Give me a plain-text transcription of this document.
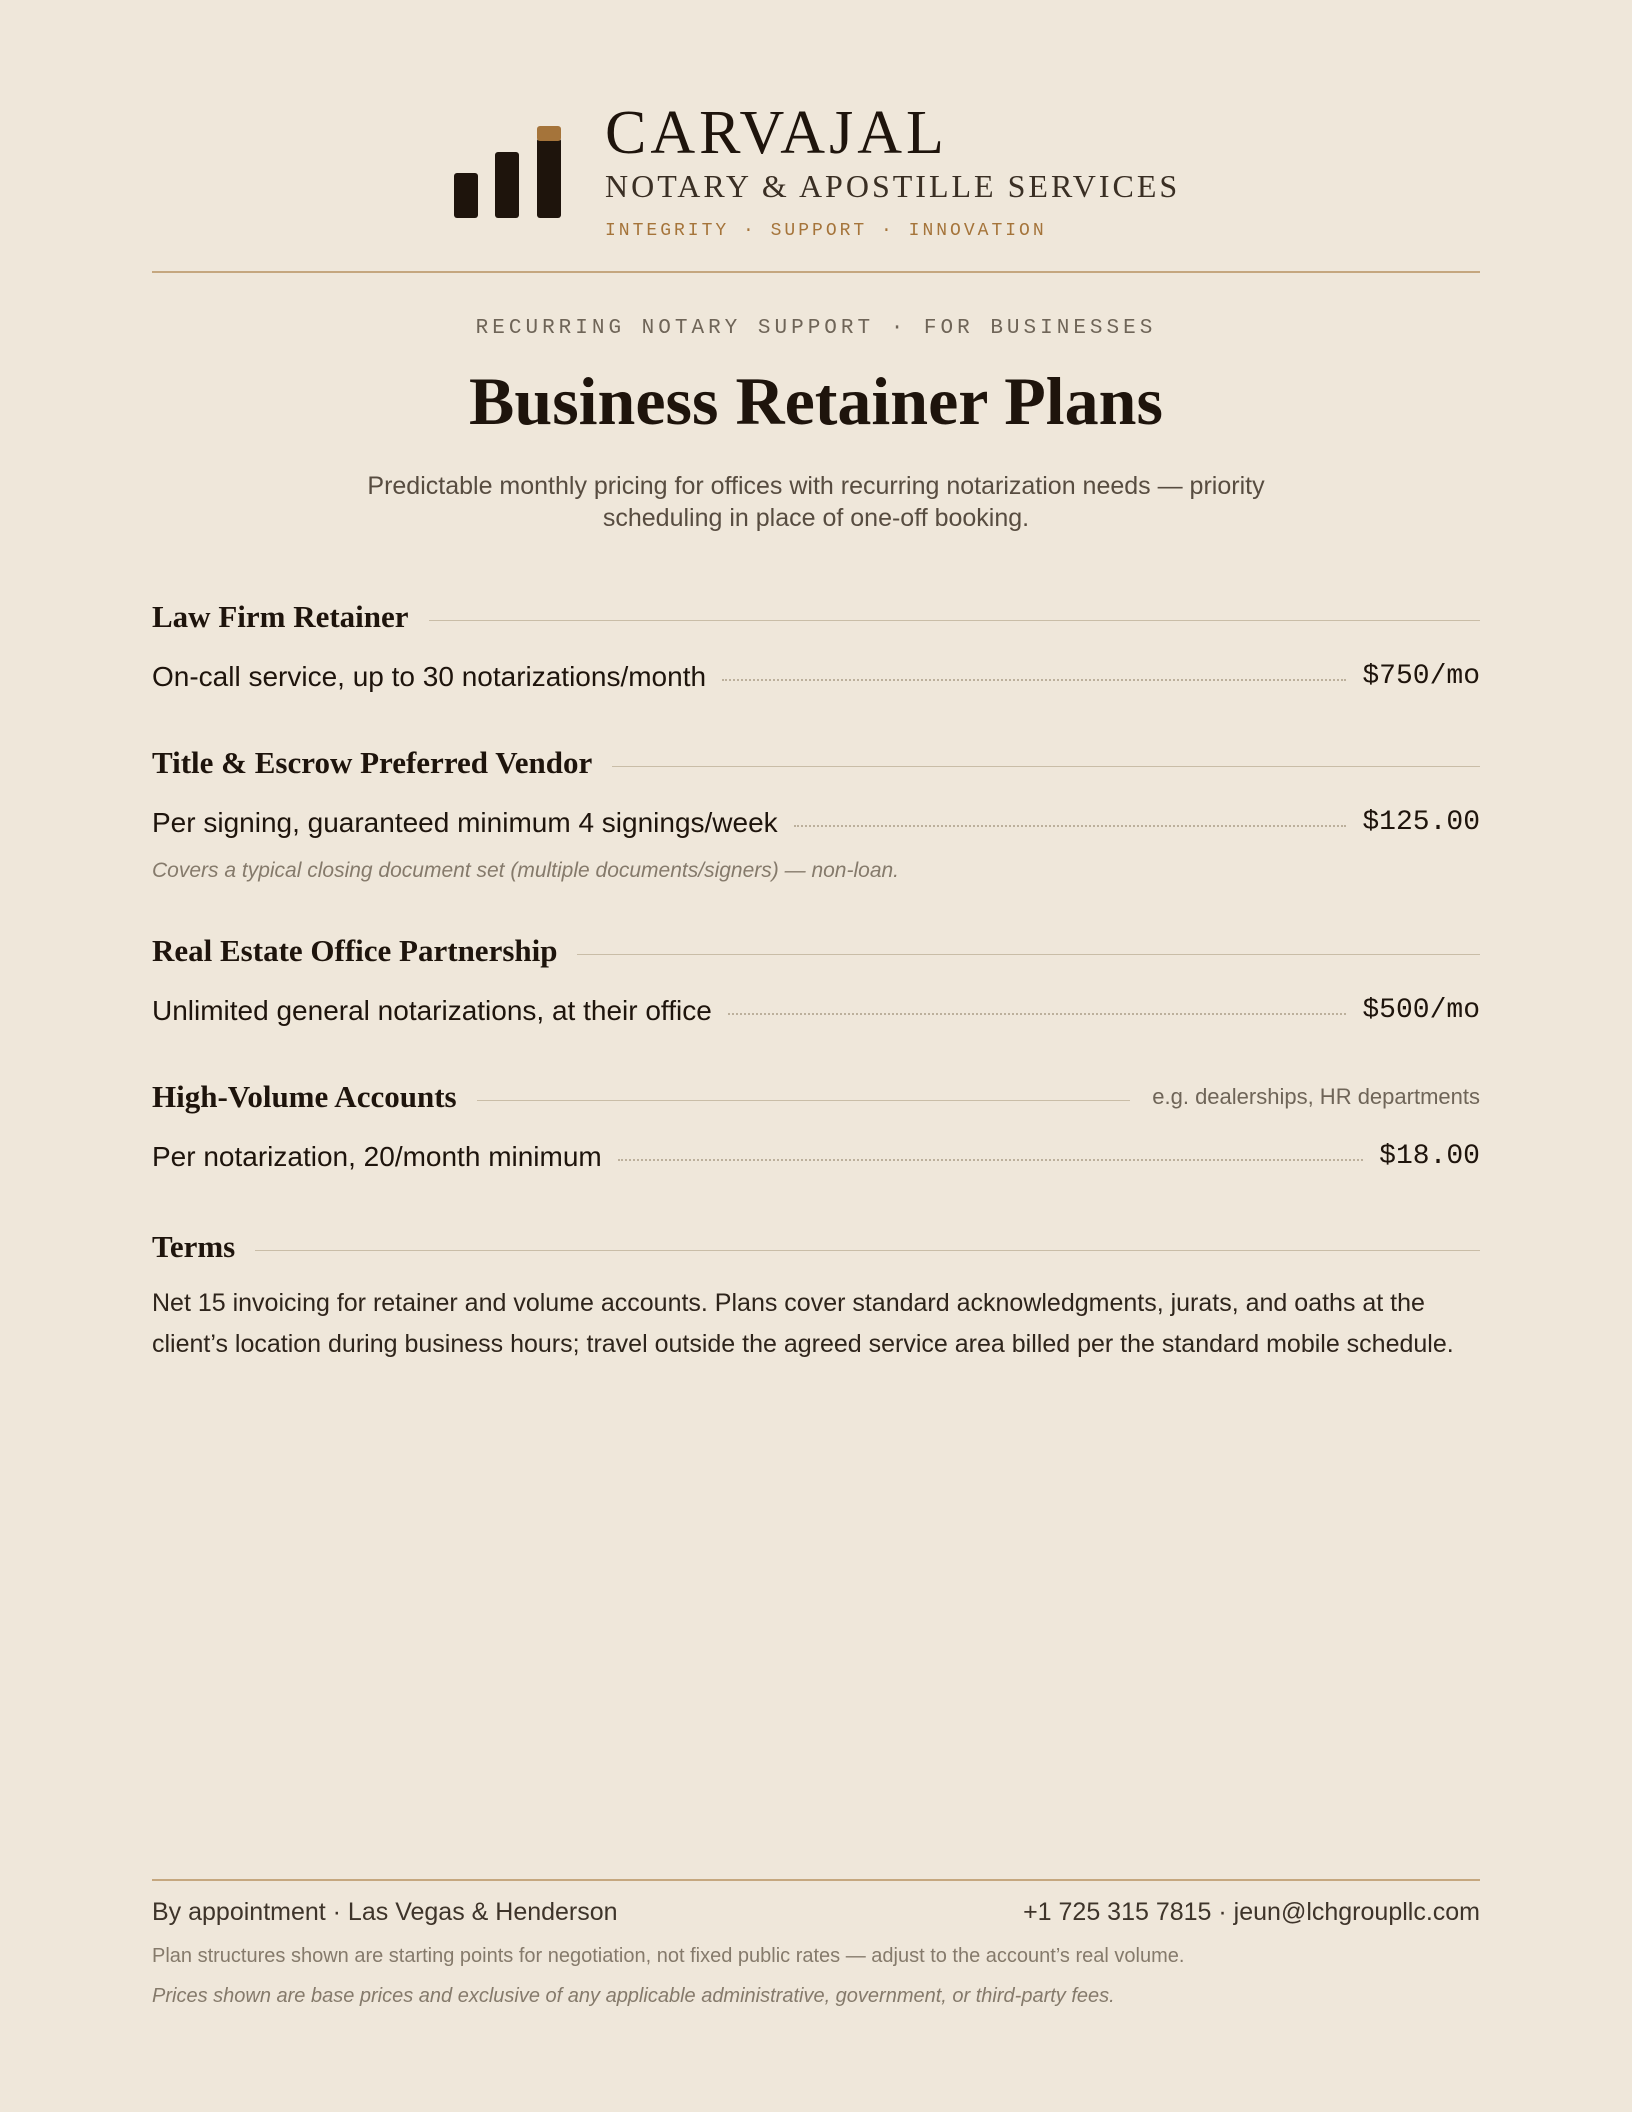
CARVAJAL
NOTARY & APOSTILLE SERVICES
INTEGRITY · SUPPORT · INNOVATION
RECURRING NOTARY SUPPORT · FOR BUSINESSES
Business Retainer Plans
Predictable monthly pricing for offices with recurring notarization needs — priority scheduling in place of one-off booking.
Law Firm Retainer
On-call service, up to 30 notarizations/month	$750/mo
Title & Escrow Preferred Vendor
Per signing, guaranteed minimum 4 signings/week	$125.00
Covers a typical closing document set (multiple documents/signers) — non-loan.
Real Estate Office Partnership
Unlimited general notarizations, at their office	$500/mo
High-Volume Accounts	e.g. dealerships, HR departments
Per notarization, 20/month minimum	$18.00
Terms
Net 15 invoicing for retainer and volume accounts. Plans cover standard acknowledgments, jurats, and oaths at the client’s location during business hours; travel outside the agreed service area billed per the standard mobile schedule.
By appointment · Las Vegas & Henderson	+1 725 315 7815 · jeun@lchgroupllc.com
Plan structures shown are starting points for negotiation, not fixed public rates — adjust to the account’s real volume.
Prices shown are base prices and exclusive of any applicable administrative, government, or third-party fees.
